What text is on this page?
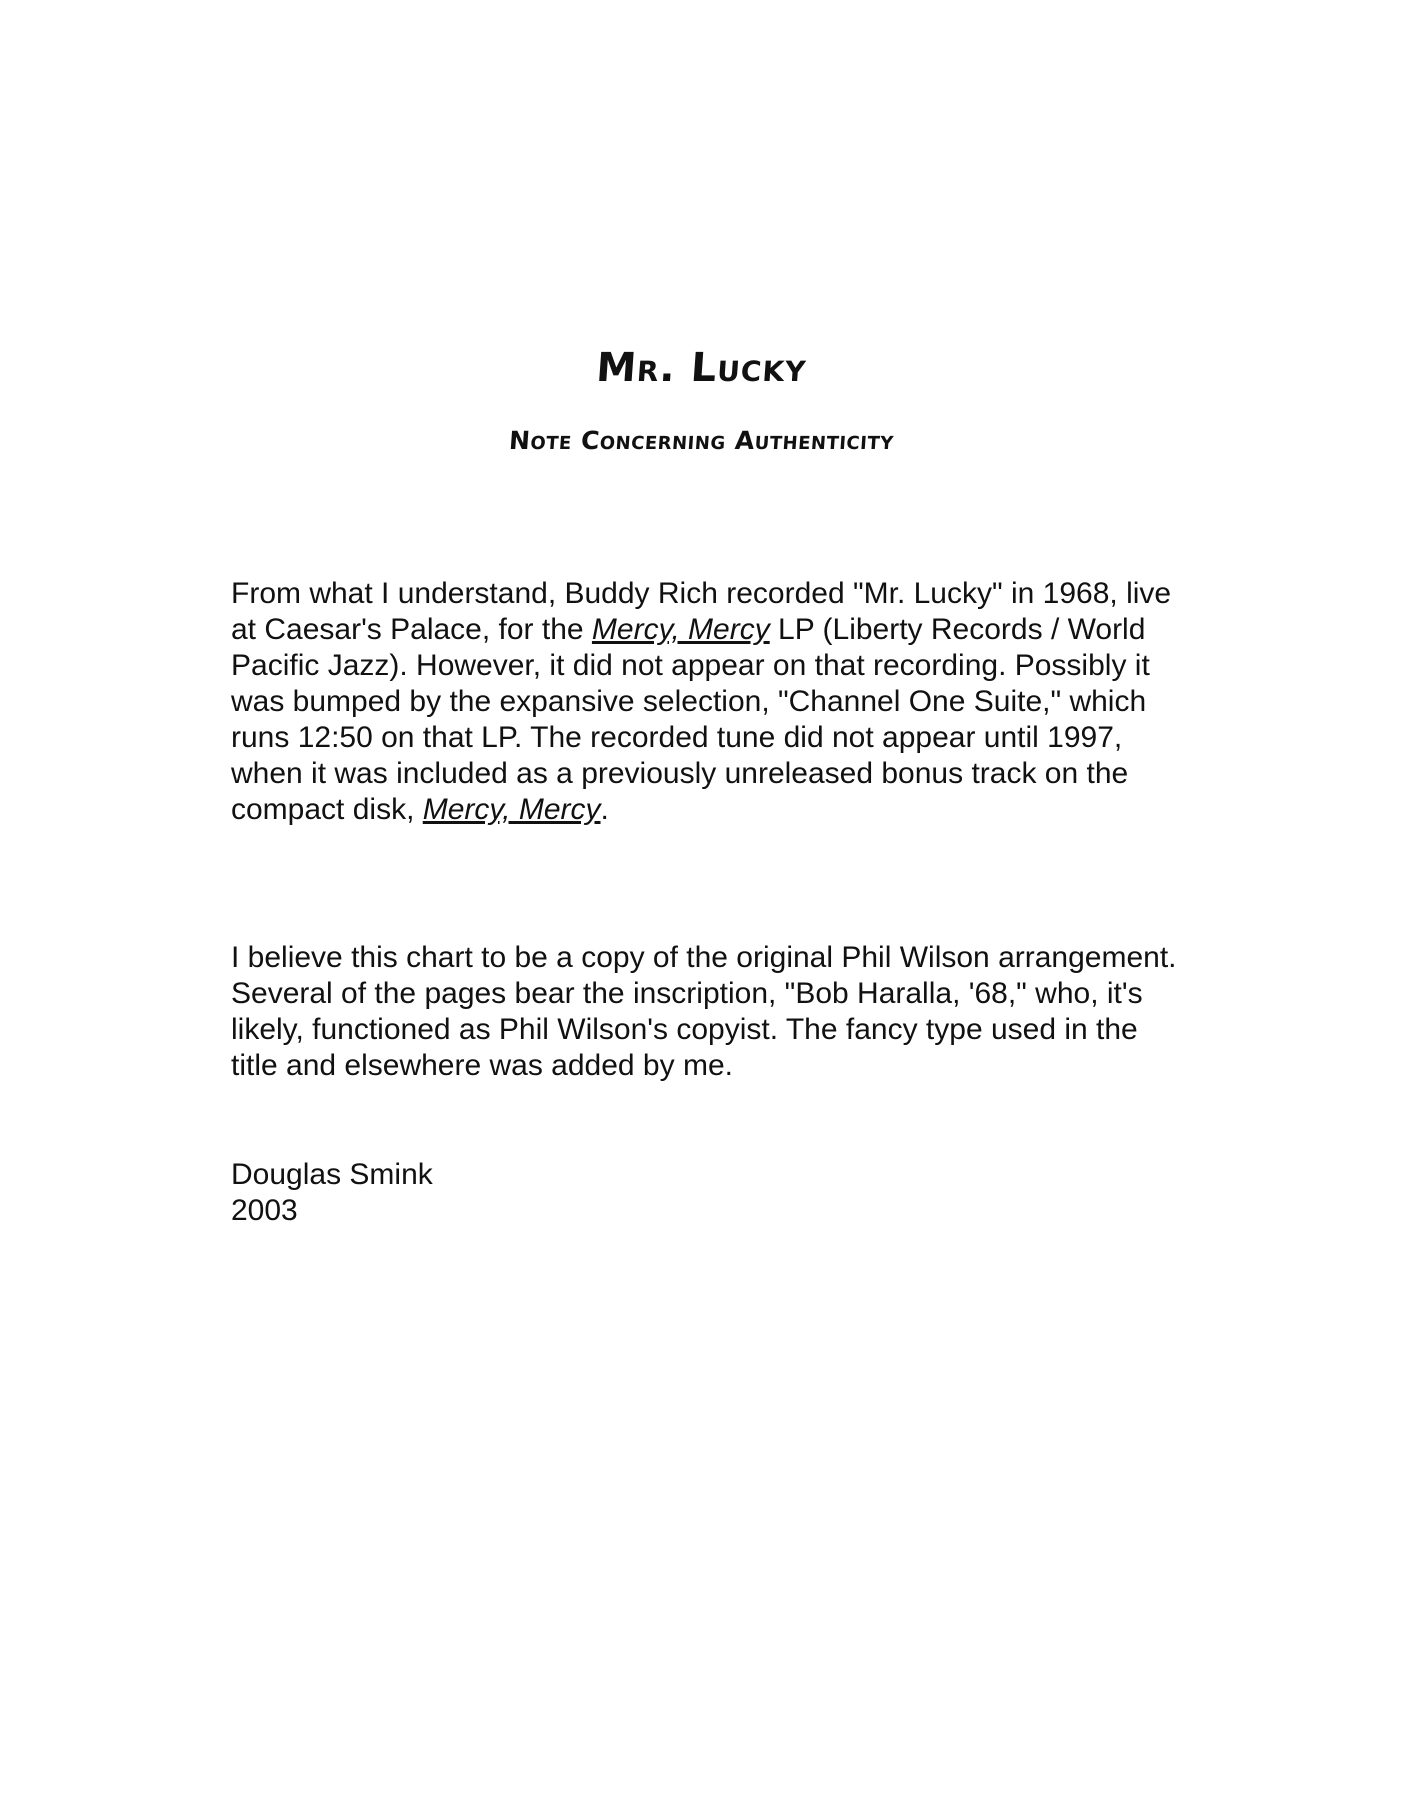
Mr. Lucky
Note Concerning Authenticity

From what I understand, Buddy Rich recorded "Mr. Lucky" in 1968, live at Caesar's Palace, for the Mercy, Mercy LP (Liberty Records / World Pacific Jazz). However, it did not appear on that recording. Possibly it was bumped by the expansive selection, "Channel One Suite," which runs 12:50 on that LP. The recorded tune did not appear until 1997, when it was included as a previously unreleased bonus track on the compact disk, Mercy, Mercy.

I believe this chart to be a copy of the original Phil Wilson arrangement. Several of the pages bear the inscription, "Bob Haralla, '68," who, it's likely, functioned as Phil Wilson's copyist. The fancy type used in the title and elsewhere was added by me.

Douglas Smink
2003
